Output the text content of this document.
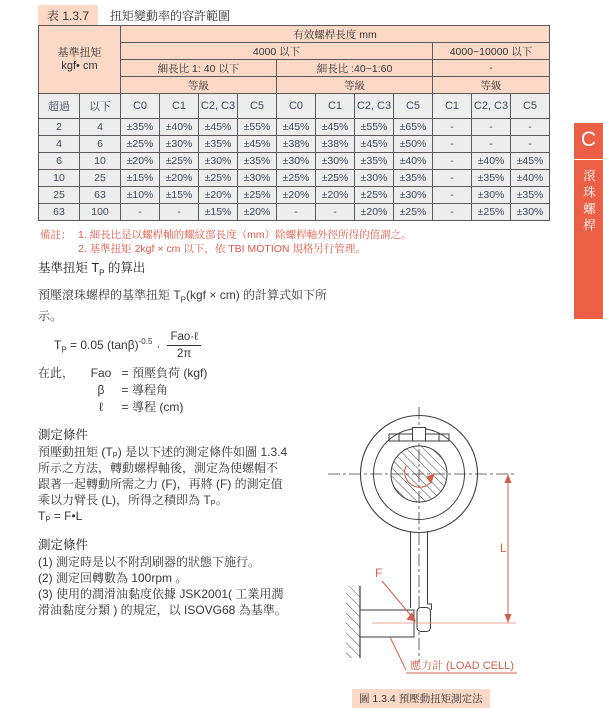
表 1.3.7	扭矩變動率的容許範圍
基準扭矩
kgf• cm		有效螺桿長度 mm										
		4000 以下								4000~10000 以下		
		細長比 1: 40 以下				細長比 :40~1:60				-		
		等級				等級				等級		
超過	以下	C0	C1	C2, C3	C5	C0	C1	C2, C3	C5	C1	C2, C3	C5
2	4	±35%	±40%	±45%	±55%	±45%	±45%	±55%	±65%	-	-	-
4	6	±25%	±30%	±35%	±45%	±38%	±38%	±45%	±50%	-	-	-
6	10	±20%	±25%	±30%	±35%	±30%	±30%	±35%	±40%	-	±40%	±45%
10	25	±15%	±20%	±25%	±30%	±25%	±25%	±30%	±35%	-	±35%	±40%
25	63	±10%	±15%	±20%	±25%	±20%	±20%	±25%	±30%	-	±30%	±35%
63	100	-	-	±15%	±20%	-	-	±20%	±25%	-	±25%	±30%
備註： 1. 細長比是以螺桿軸的螺紋部長度（mm）除螺桿軸外徑所得的值謂之。
2. 基準扭矩 2kgf × cm 以下，依 TBI MOTION 規格另行管理。
基準扭矩 $T_P$ 的算出

預壓滾珠螺桿的基準扭矩 $T_P(kgf \times cm)$ 的計算式如下所示。

$T_P = 0.05$ $(\tan\beta)^{-0.5} \cdot \frac{\text{Fao·ℓ}}{2\pi}$
在此，	Fao = 預壓負荷 (kgf)
β	= 導程角
ℓ	= 導程 (cm)
測定條件
預壓動扭矩 (Tₚ) 是以下述的測定條件如圖 1.3.4
所示之方法，轉動螺桿軸後，測定為使螺帽不
跟著一起轉動所需之力 (F)，再將 (F) 的測定值
乘以力臂長 (L)，所得之積即為 Tₚ。
Tₚ = F•L
測定條件
(1) 測定時是以不附刮刷器的狀態下施行。
(2) 測定回轉數為 100rpm 。
(3) 使用的潤滑油黏度依據 JSK2001( 工業用潤
滑油黏度分類 ) 的規定，以 ISOVG68 為基準。
L
F
應力計 (LOAD CELL)
圖 1.3.4 預壓動扭矩測定法
C
滾珠螺桿
